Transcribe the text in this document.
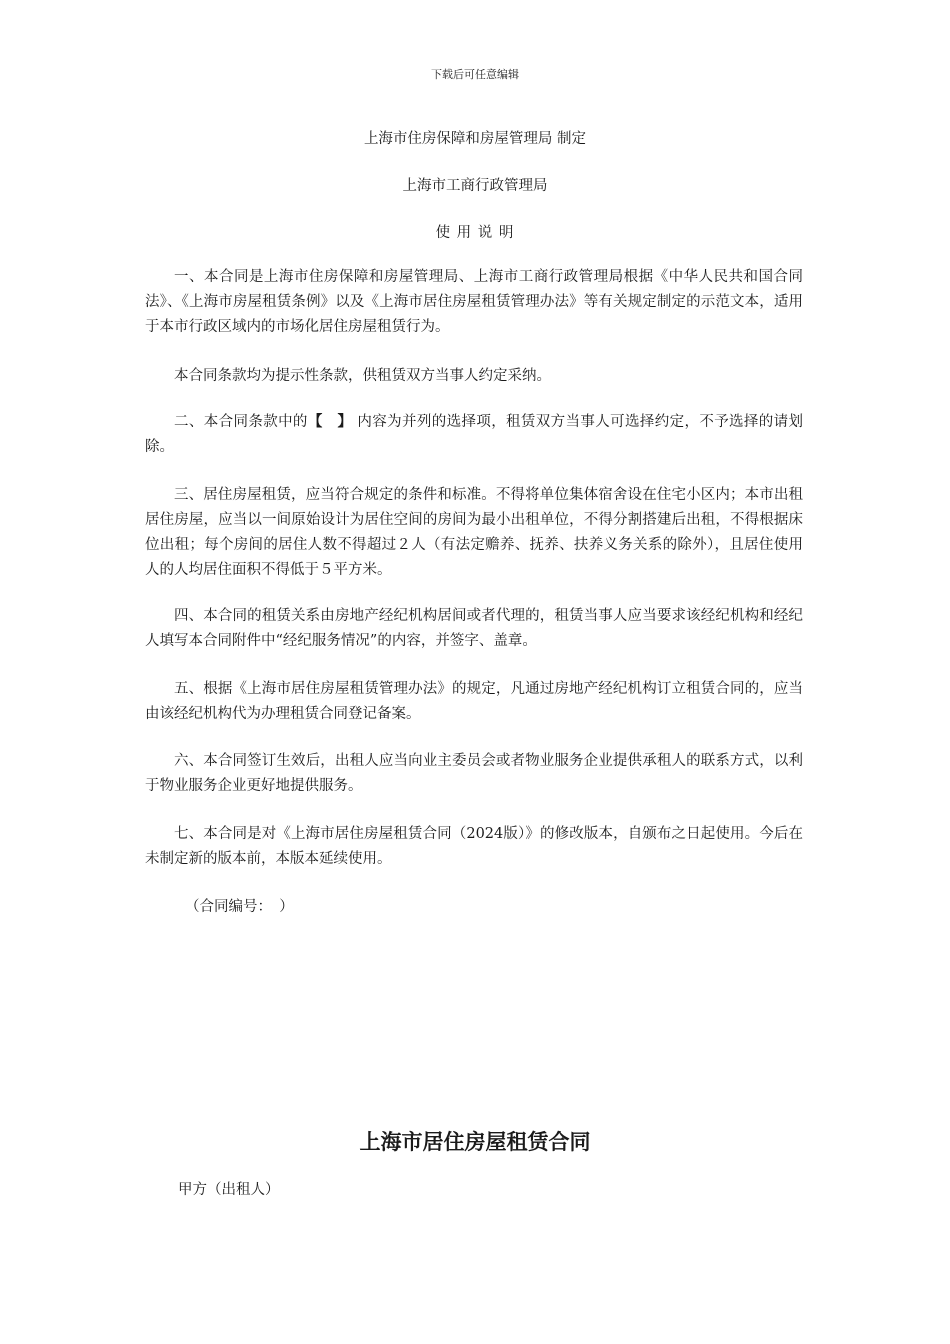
下载后可任意编辑
上海市住房保障和房屋管理局 制定
上海市工商行政管理局
使 用 说 明

一、本合同是上海市住房保障和房屋管理局、上海市工商行政管理局根据《中华人民共和国合同法》、《上海市房屋租赁条例》以及《上海市居住房屋租赁管理办法》等有关规定制定的示范文本，适用于本市行政区域内的市场化居住房屋租赁行为。

本合同条款均为提示性条款，供租赁双方当事人约定采纳。

二、本合同条款中的【　】 内容为并列的选择项，租赁双方当事人可选择约定，不予选择的请划除。

三、居住房屋租赁，应当符合规定的条件和标准。不得将单位集体宿舍设在住宅小区内；本市出租居住房屋，应当以一间原始设计为居住空间的房间为最小出租单位，不得分割搭建后出租，不得根据床位出租；每个房间的居住人数不得超过２人（有法定赡养、抚养、扶养义务关系的除外），且居住使用人的人均居住面积不得低于５平方米。

四、本合同的租赁关系由房地产经纪机构居间或者代理的，租赁当事人应当要求该经纪机构和经纪人填写本合同附件中“经纪服务情况”的内容，并签字、盖章。

五、根据《上海市居住房屋租赁管理办法》的规定，凡通过房地产经纪机构订立租赁合同的，应当由该经纪机构代为办理租赁合同登记备案。

六、本合同签订生效后，出租人应当向业主委员会或者物业服务企业提供承租人的联系方式，以利于物业服务企业更好地提供服务。

七、本合同是对《上海市居住房屋租赁合同（2024版）》的修改版本，自颁布之日起使用。今后在未制定新的版本前，本版本延续使用。

（合同编号：　）
上海市居住房屋租赁合同
甲方（出租人）
